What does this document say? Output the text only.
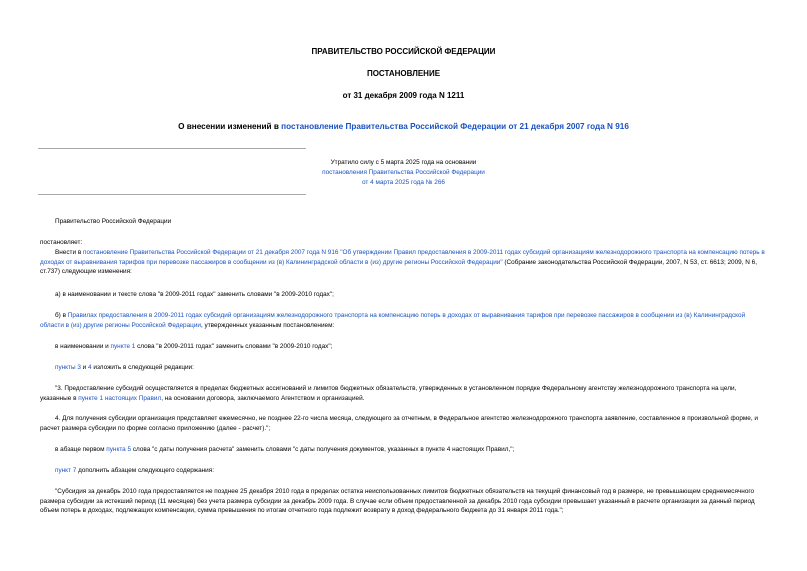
ПРАВИТЕЛЬСТВО РОССИЙСКОЙ ФЕДЕРАЦИИ
ПОСТАНОВЛЕНИЕ
от 31 декабря 2009 года N 1211
О внесении изменений в постановление Правительства Российской Федерации от 21 декабря 2007 года N 916
Утратило силу с 5 марта 2025 года на основании
постановления Правительства Российской Федерации
от 4 марта 2025 года № 266
Правительство Российской Федерации
постановляет:
Внести в постановление Правительства Российской Федерации от 21 декабря 2007 года N 916 "Об утверждении Правил предоставления в 2009-2011 годах субсидий организациям железнодорожного транспорта на компенсацию потерь в доходах от выравнивания тарифов при перевозке пассажиров в сообщении из (в) Калининградской области в (из) другие регионы Российской Федерации" (Собрание законодательства Российской Федерации, 2007, N 53, ст. 6613; 2009, N 6, ст.737) следующие изменения:
а) в наименовании и тексте слова "в 2009-2011 годах" заменить словами "в 2009-2010 годах";
б) в Правилах предоставления в 2009-2011 годах субсидий организациям железнодорожного транспорта на компенсацию потерь в доходах от выравнивания тарифов при перевозке пассажиров в сообщении из (в) Калининградской области в (из) другие регионы Российской Федерации, утвержденных указанным постановлением:
в наименовании и пункте 1 слова "в 2009-2011 годах" заменить словами "в 2009-2010 годах";
пункты 3 и 4 изложить в следующей редакции:
"3. Предоставление субсидий осуществляется в пределах бюджетных ассигнований и лимитов бюджетных обязательств, утвержденных в установленном порядке Федеральному агентству железнодорожного транспорта на цели, указанные в пункте 1 настоящих Правил, на основании договора, заключаемого Агентством и организацией.
4. Для получения субсидии организация представляет ежемесячно, не позднее 22-го числа месяца, следующего за отчетным, в Федеральное агентство железнодорожного транспорта заявление, составленное в произвольной форме, и расчет размера субсидии по форме согласно приложению (далее - расчет).";
в абзаце первом пункта 5 слова "с даты получения расчета" заменить словами "с даты получения документов, указанных в пункте 4 настоящих Правил,";
пункт 7 дополнить абзацем следующего содержания:
"Субсидия за декабрь 2010 года предоставляется не позднее 25 декабря 2010 года в пределах остатка неиспользованных лимитов бюджетных обязательств на текущий финансовый год в размере, не превышающем среднемесячного размера субсидии за истекший период (11 месяцев) без учета размера субсидии за декабрь 2009 года. В случае если объем предоставленной за декабрь 2010 года субсидии превышает указанный в расчете организации за данный период объем потерь в доходах, подлежащих компенсации, сумма превышения по итогам отчетного года подлежит возврату в доход федерального бюджета до 31 января 2011 года.";
